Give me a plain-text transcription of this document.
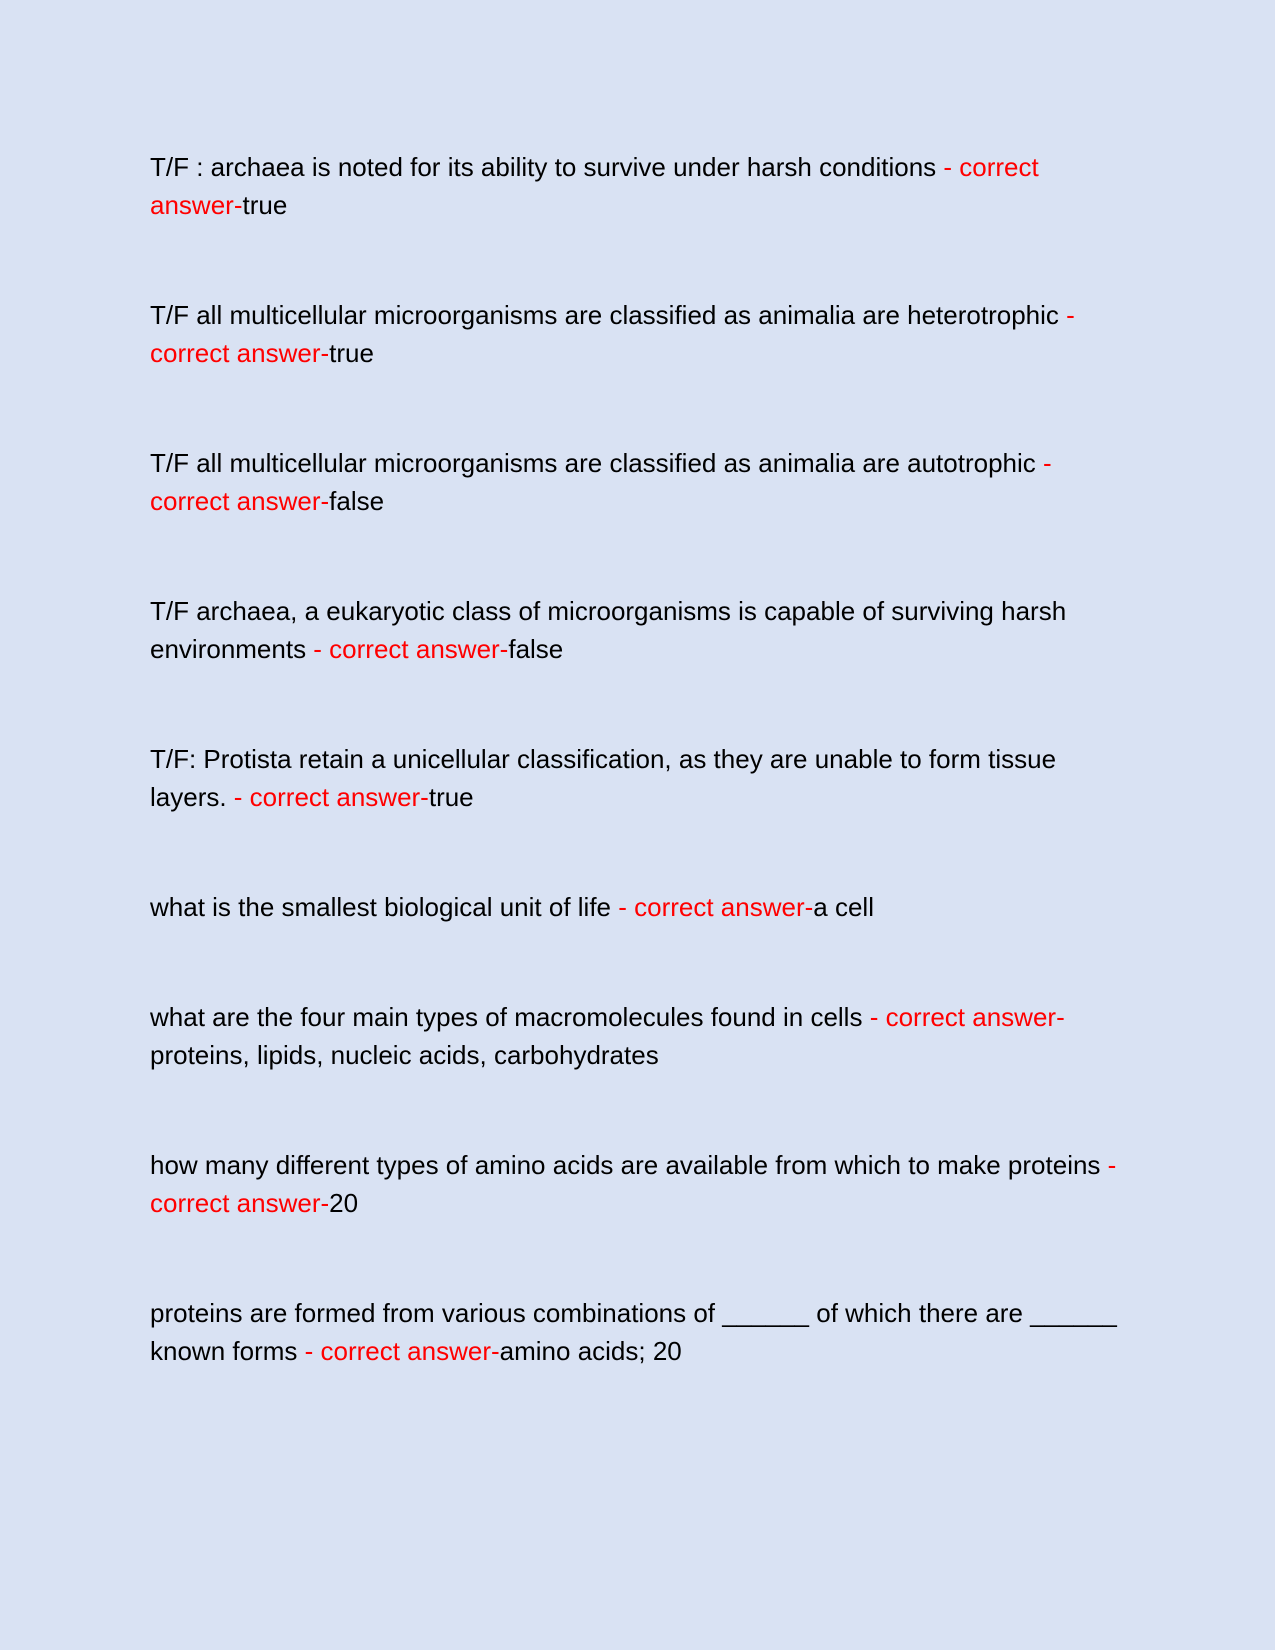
T/F : archaea is noted for its ability to survive under harsh conditions - correct answer-true

T/F all multicellular microorganisms are classified as animalia are heterotrophic - correct answer-true

T/F all multicellular microorganisms are classified as animalia are autotrophic - correct answer-false

T/F archaea, a eukaryotic class of microorganisms is capable of surviving harsh environments - correct answer-false

T/F: Protista retain a unicellular classification, as they are unable to form tissue layers. - correct answer-true

what is the smallest biological unit of life - correct answer-a cell

what are the four main types of macromolecules found in cells - correct answer-proteins, lipids, nucleic acids, carbohydrates

how many different types of amino acids are available from which to make proteins - correct answer-20

proteins are formed from various combinations of ______ of which there are ______ known forms - correct answer-amino acids; 20
